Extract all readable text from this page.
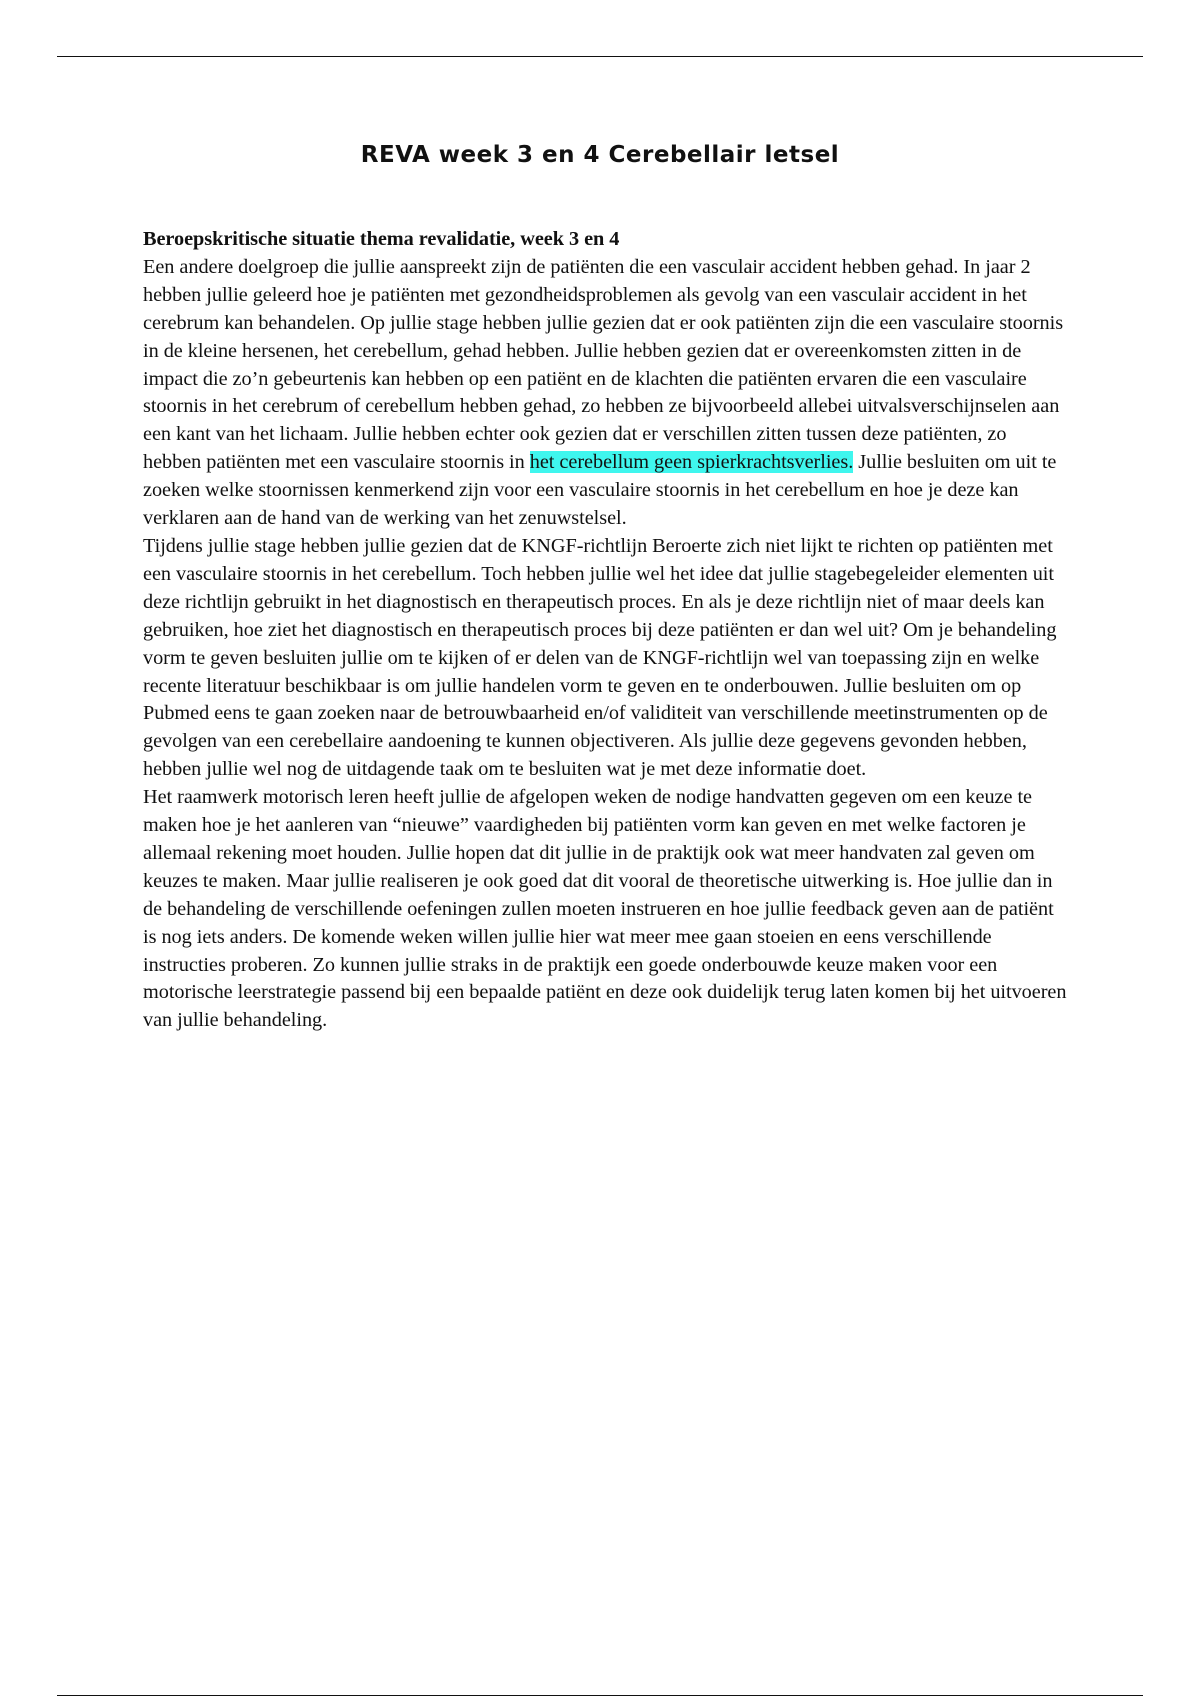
REVA week 3 en 4 Cerebellair letsel

Beroepskritische situatie thema revalidatie, week 3 en 4

Een andere doelgroep die jullie aanspreekt zijn de patiënten die een vasculair accident hebben gehad. In jaar 2 hebben jullie geleerd hoe je patiënten met gezondheidsproblemen als gevolg van een vasculair accident in het cerebrum kan behandelen. Op jullie stage hebben jullie gezien dat er ook patiënten zijn die een vasculaire stoornis in de kleine hersenen, het cerebellum, gehad hebben. Jullie hebben gezien dat er overeenkomsten zitten in de impact die zo’n gebeurtenis kan hebben op een patiënt en de klachten die patiënten ervaren die een vasculaire stoornis in het cerebrum of cerebellum hebben gehad, zo hebben ze bijvoorbeeld allebei uitvalsverschijnselen aan een kant van het lichaam. Jullie hebben echter ook gezien dat er verschillen zitten tussen deze patiënten, zo hebben patiënten met een vasculaire stoornis in het cerebellum geen spierkrachtsverlies. Jullie besluiten om uit te zoeken welke stoornissen kenmerkend zijn voor een vasculaire stoornis in het cerebellum en hoe je deze kan verklaren aan de hand van de werking van het zenuwstelsel.

Tijdens jullie stage hebben jullie gezien dat de KNGF-richtlijn Beroerte zich niet lijkt te richten op patiënten met een vasculaire stoornis in het cerebellum. Toch hebben jullie wel het idee dat jullie stagebegeleider elementen uit deze richtlijn gebruikt in het diagnostisch en therapeutisch proces. En als je deze richtlijn niet of maar deels kan gebruiken, hoe ziet het diagnostisch en therapeutisch proces bij deze patiënten er dan wel uit? Om je behandeling vorm te geven besluiten jullie om te kijken of er delen van de KNGF-richtlijn wel van toepassing zijn en welke recente literatuur beschikbaar is om jullie handelen vorm te geven en te onderbouwen. Jullie besluiten om op Pubmed eens te gaan zoeken naar de betrouwbaarheid en/of validiteit van verschillende meetinstrumenten op de gevolgen van een cerebellaire aandoening te kunnen objectiveren. Als jullie deze gegevens gevonden hebben, hebben jullie wel nog de uitdagende taak om te besluiten wat je met deze informatie doet.

Het raamwerk motorisch leren heeft jullie de afgelopen weken de nodige handvatten gegeven om een keuze te maken hoe je het aanleren van “nieuwe” vaardigheden bij patiënten vorm kan geven en met welke factoren je allemaal rekening moet houden. Jullie hopen dat dit jullie in de praktijk ook wat meer handvaten zal geven om keuzes te maken. Maar jullie realiseren je ook goed dat dit vooral de theoretische uitwerking is. Hoe jullie dan in de behandeling de verschillende oefeningen zullen moeten instrueren en hoe jullie feedback geven aan de patiënt is nog iets anders. De komende weken willen jullie hier wat meer mee gaan stoeien en eens verschillende instructies proberen. Zo kunnen jullie straks in de praktijk een goede onderbouwde keuze maken voor een motorische leerstrategie passend bij een bepaalde patiënt en deze ook duidelijk terug laten komen bij het uitvoeren van jullie behandeling.
